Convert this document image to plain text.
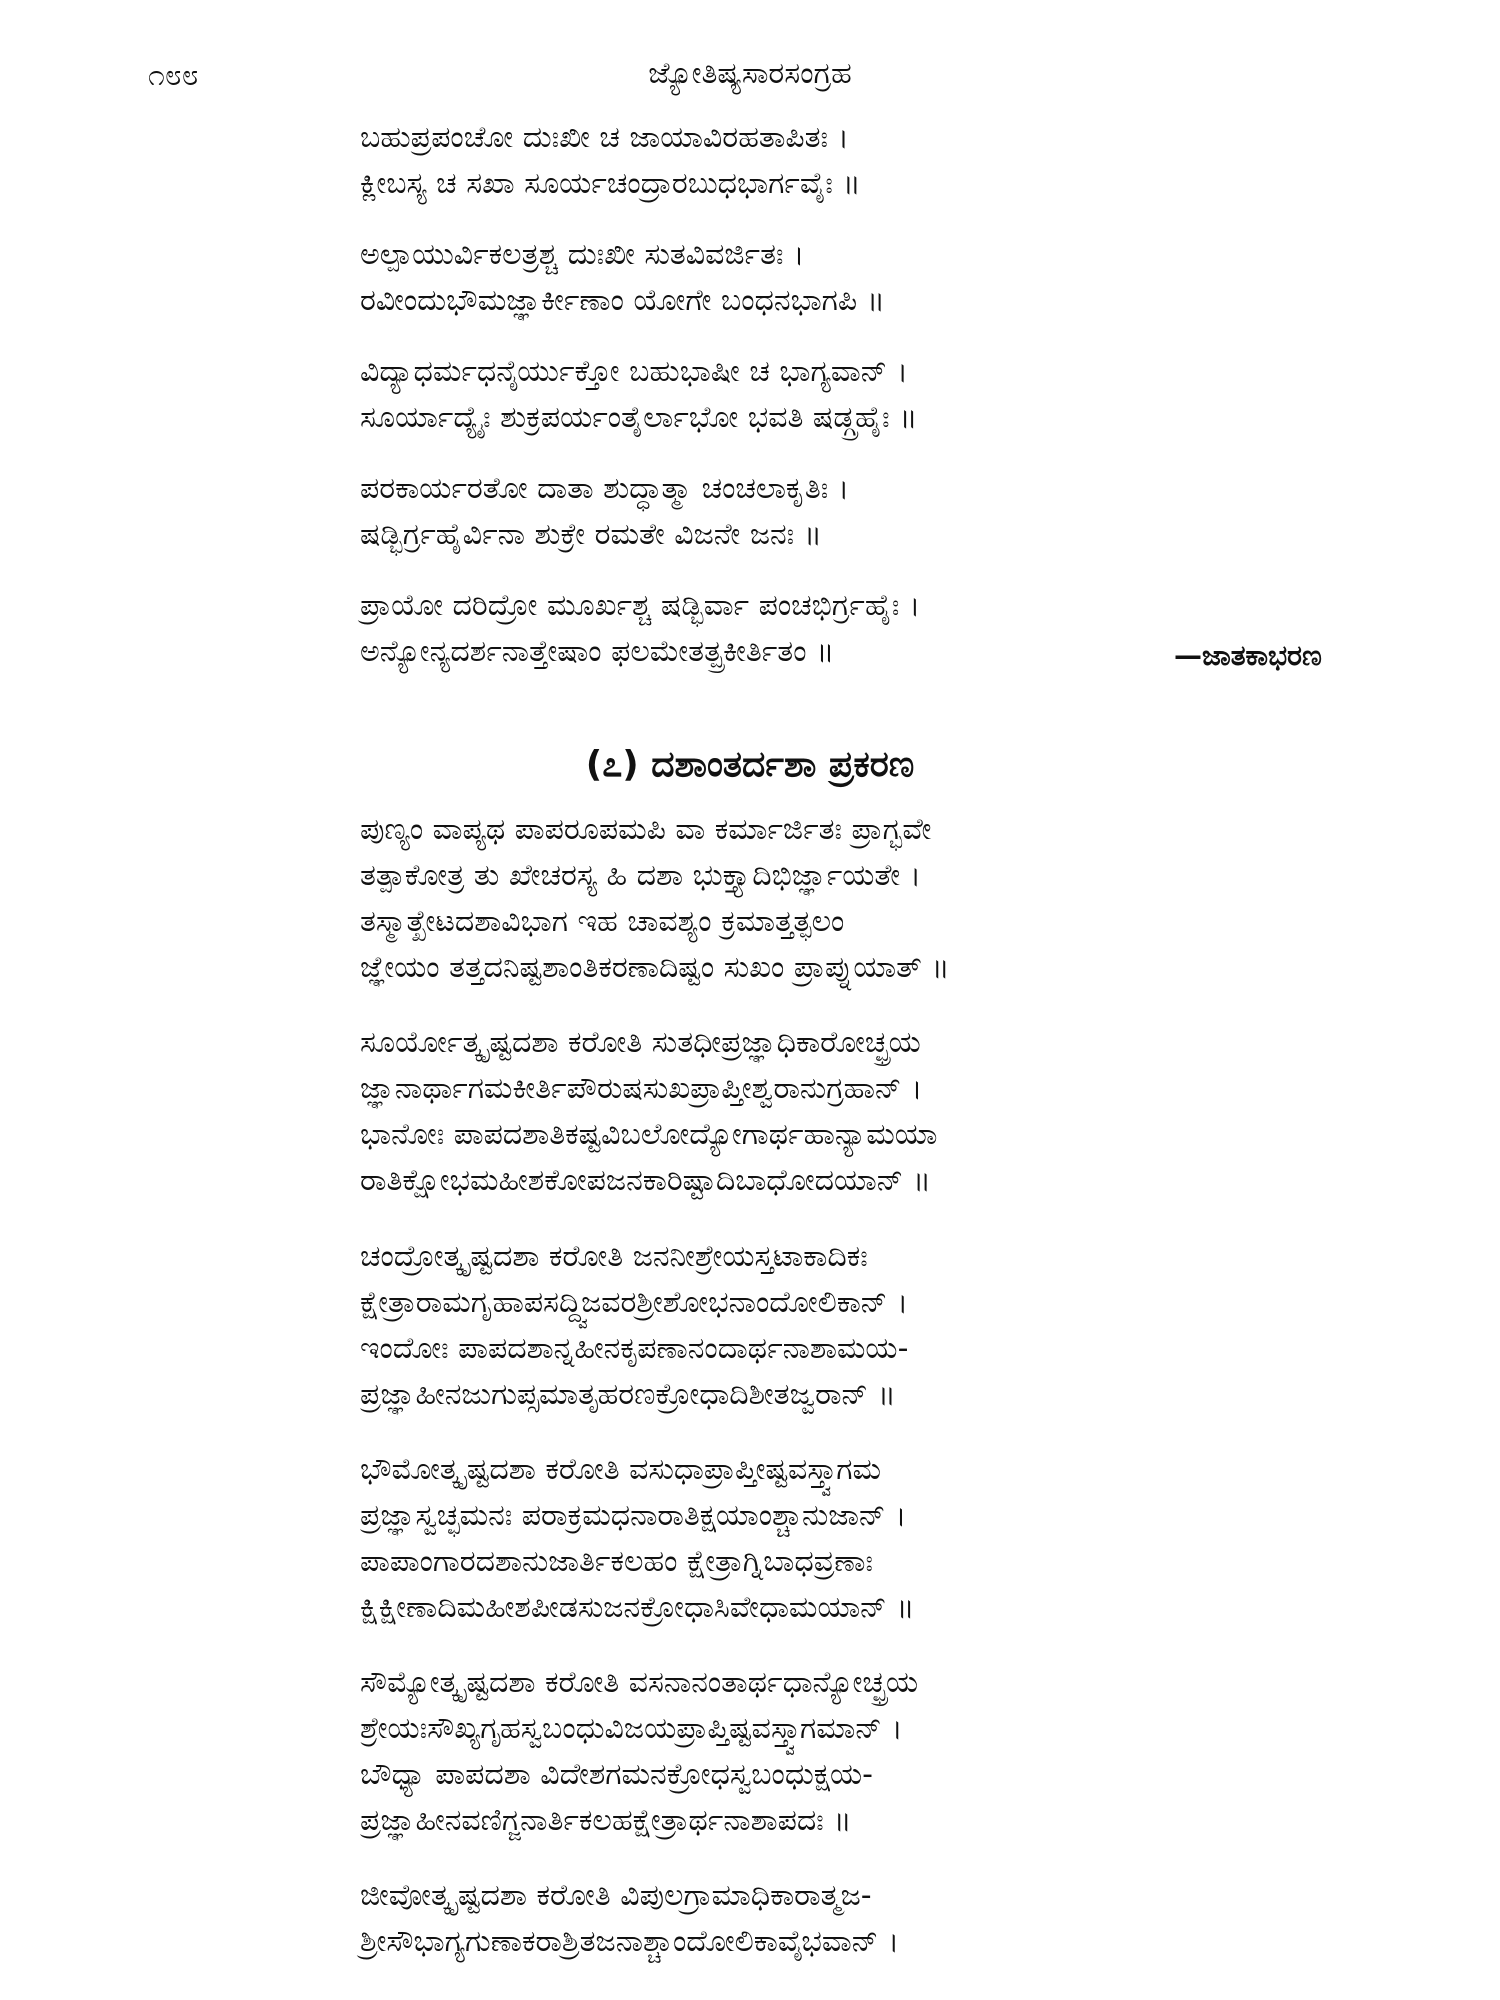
೧೮೮	ಜ್ಯೋತಿಷ್ಯಸಾರಸಂಗ್ರಹ
ಬಹುಪ್ರಪಂಚೋ ದುಃಖೀ ಚ ಜಾಯಾವಿರಹತಾಪಿತಃ ।
ಕ್ಲೀಬಸ್ಯ ಚ ಸಖಾ ಸೂರ್ಯಚಂದ್ರಾರಬುಧಭಾರ್ಗವೈಃ ॥
ಅಲ್ಪಾಯುರ್ವಿಕಲತ್ರಶ್ಚ ದುಃಖೀ ಸುತವಿವರ್ಜಿತಃ ।
ರವೀಂದುಭೌಮಜ್ಞಾರ್ಕೀಣಾಂ ಯೋಗೇ ಬಂಧನಭಾಗಪಿ ॥
ವಿದ್ಯಾಧರ್ಮಧನೈರ್ಯುಕ್ತೋ ಬಹುಭಾಷೀ ಚ ಭಾಗ್ಯವಾನ್ ।
ಸೂರ್ಯಾದ್ಯೈಃ ಶುಕ್ರಪರ್ಯಂತೈರ್ಲಾಭೋ ಭವತಿ ಷಡ್ಗ್ರಹೈಃ ॥
ಪರಕಾರ್ಯರತೋ ದಾತಾ ಶುದ್ಧಾತ್ಮಾ ಚಂಚಲಾಕೃತಿಃ ।
ಷಡ್ಭಿರ್ಗ್ರಹೈರ್ವಿನಾ ಶುಕ್ರೇ ರಮತೇ ವಿಜನೇ ಜನಃ ॥
ಪ್ರಾಯೋ ದರಿದ್ರೋ ಮೂರ್ಖಶ್ಚ ಷಡ್ಭಿರ್ವಾ ಪಂಚಭಿರ್ಗ್ರಹೈಃ ।
ಅನ್ಯೋನ್ಯದರ್ಶನಾತ್ತೇಷಾಂ ಫಲಮೇತತ್ಪ್ರಕೀರ್ತಿತಂ ॥	—ಜಾತಕಾಭರಣ
(೭) ದಶಾಂತರ್ದಶಾ ಪ್ರಕರಣ
ಪುಣ್ಯಂ ವಾಪ್ಯಥ ಪಾಪರೂಪಮಪಿ ವಾ ಕರ್ಮಾರ್ಜಿತಃ ಪ್ರಾಗ್ಭವೇ
ತತ್ಪಾಕೋತ್ರ ತು ಖೇಚರಸ್ಯ ಹಿ ದಶಾ ಭುಕ್ತ್ಯಾದಿಭಿರ್ಜ್ಞಾಯತೇ ।
ತಸ್ಮಾತ್ಖೇಟದಶಾವಿಭಾಗ ಇಹ ಚಾವಶ್ಯಂ ಕ್ರಮಾತ್ತತ್ಫಲಂ
ಜ್ಞೇಯಂ ತತ್ತದನಿಷ್ಟಶಾಂತಿಕರಣಾದಿಷ್ಟಂ ಸುಖಂ ಪ್ರಾಪ್ನುಯಾತ್ ॥
ಸೂರ್ಯೋತ್ಕೃಷ್ಟದಶಾ ಕರೋತಿ ಸುತಧೀಪ್ರಜ್ಞಾಧಿಕಾರೋಚ್ಛ್ರಯ
ಜ್ಞಾನಾರ್ಥಾಗಮಕೀರ್ತಿಪೌರುಷಸುಖಪ್ರಾಪ್ತೀಶ್ವರಾನುಗ್ರಹಾನ್ ।
ಭಾನೋಃ ಪಾಪದಶಾತಿಕಷ್ಟವಿಬಲೋದ್ಯೋಗಾರ್ಥಹಾನ್ಯಾಮಯಾ
ರಾತಿಕ್ಷೋಭಮಹೀಶಕೋಪಜನಕಾರಿಷ್ಟಾದಿಬಾಧೋದಯಾನ್ ॥
ಚಂದ್ರೋತ್ಕೃಷ್ಟದಶಾ ಕರೋತಿ ಜನನೀಶ್ರೇಯಸ್ತಟಾಕಾದಿಕಃ
ಕ್ಷೇತ್ರಾರಾಮಗೃಹಾಪಸದ್ದ್ವಿಜವರಶ್ರೀಶೋಭನಾಂದೋಲಿಕಾನ್ ।
ಇಂದೋಃ ಪಾಪದಶಾನ್ನಹೀನಕೃಪಣಾನಂದಾರ್ಥನಾಶಾಮಯ-
ಪ್ರಜ್ಞಾಹೀನಜುಗುಪ್ಸಮಾತೃಹರಣಕ್ರೋಧಾದಿಶೀತಜ್ವರಾನ್ ॥
ಭೌಮೋತ್ಕೃಷ್ಟದಶಾ ಕರೋತಿ ವಸುಧಾಪ್ರಾಪ್ತೀಷ್ಟವಸ್ತ್ವಾಗಮ
ಪ್ರಜ್ಞಾಸ್ವಚ್ಛಮನಃ ಪರಾಕ್ರಮಧನಾರಾತಿಕ್ಷಯಾಂಶ್ಚಾನುಜಾನ್ ।
ಪಾಪಾಂಗಾರದಶಾನುಜಾರ್ತಿಕಲಹಂ ಕ್ಷೇತ್ರಾಗ್ನಿಬಾಧವ್ರಣಾಃ
ಕ್ಷಿಕ್ಷೀಣಾದಿಮಹೀಶಪೀಡಸುಜನಕ್ರೋಧಾಸಿವೇಧಾಮಯಾನ್ ॥
ಸೌಮ್ಯೋತ್ಕೃಷ್ಟದಶಾ ಕರೋತಿ ವಸನಾನಂತಾರ್ಥಧಾನ್ಯೋಚ್ಛ್ರಯ
ಶ್ರೇಯಃಸೌಖ್ಯಗೃಹಸ್ವಬಂಧುವಿಜಯಪ್ರಾಪ್ತಿಷ್ಟವಸ್ತ್ವಾಗಮಾನ್ ।
ಬೌಧ್ಯಾ ಪಾಪದಶಾ ವಿದೇಶಗಮನಕ್ರೋಧಸ್ವಬಂಧುಕ್ಷಯ-
ಪ್ರಜ್ಞಾಹೀನವಣಿಗ್ಜನಾರ್ತಿಕಲಹಕ್ಷೇತ್ರಾರ್ಥನಾಶಾಪದಃ ॥
ಜೀವೋತ್ಕೃಷ್ಟದಶಾ ಕರೋತಿ ವಿಪುಲಗ್ರಾಮಾಧಿಕಾರಾತ್ಮಜ-
ಶ್ರೀಸೌಭಾಗ್ಯಗುಣಾಕರಾಶ್ರಿತಜನಾಶ್ಚಾಂದೋಲಿಕಾವೈಭವಾನ್ ।
